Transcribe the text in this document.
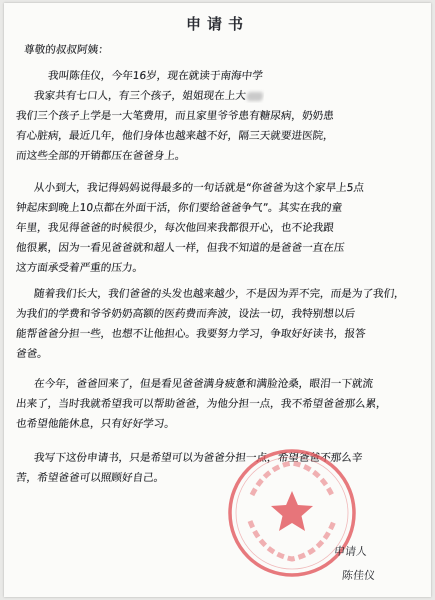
申请书
尊敬的叔叔阿姨：
我叫陈佳仪，今年16岁，现在就读于南海中学
我家共有七口人，有三个孩子，姐姐现在上大
我们三个孩子上学是一大笔费用，而且家里爷爷患有糖尿病，奶奶患
有心脏病，最近几年，他们身体也越来越不好，隔三天就要进医院，
而这些全部的开销都压在爸爸身上。
从小到大，我记得妈妈说得最多的一句话就是“你爸爸为这个家早上5点
钟起床到晚上10点都在外面干活，你们要给爸爸争气”。其实在我的童
年里，我见得爸爸的时候很少，每次他回来我都很开心，也不论我跟
他很累，因为一看见爸爸就和超人一样，但我不知道的是爸爸一直在压
这方面承受着严重的压力。
随着我们长大，我们爸爸的头发也越来越少，不是因为弄不完，而是为了我们，
为我们的学费和爷爷奶奶高额的医药费而奔波，设法一切，我特别想以后
能帮爸爸分担一些，也想不让他担心。我要努力学习，争取好好读书，报答
爸爸。
在今年，爸爸回来了，但是看见爸爸满身疲惫和满脸沧桑，眼泪一下就流
出来了，当时我就希望我可以帮助爸爸，为他分担一点，我不希望爸爸那么累，
也希望他能休息，只有好好学习。
我写下这份申请书，只是希望可以为爸爸分担一点，希望爸爸不那么辛
苦，希望爸爸可以照顾好自己。
申请人
陈佳仪
